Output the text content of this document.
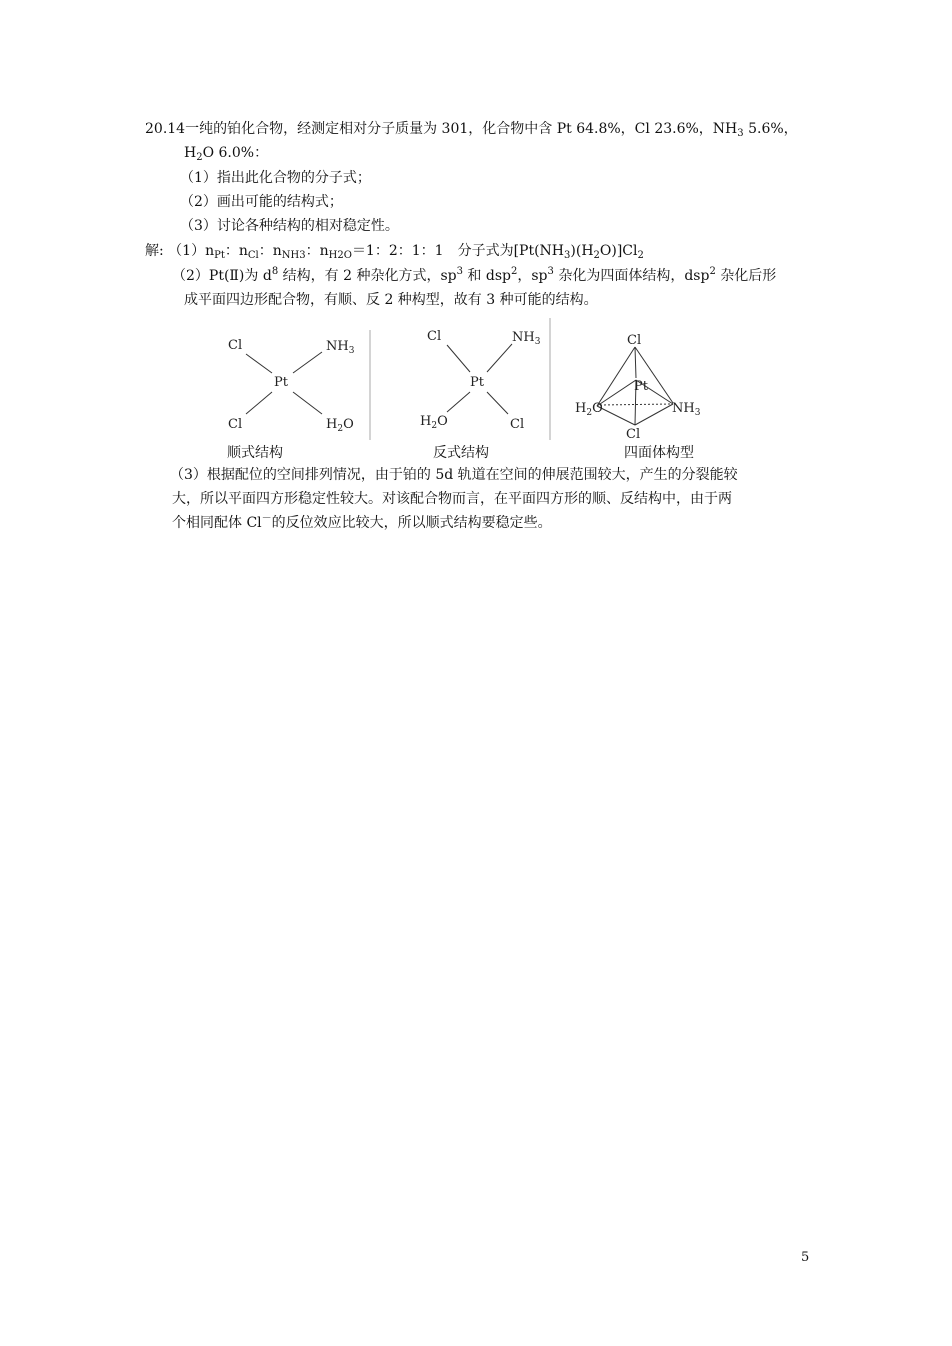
20.14一纯的铂化合物，经测定相对分子质量为 301，化合物中含 Pt 64.8%，Cl 23.6%，$NH_3$ 5.6%，
$H_2O$ 6.0%：
（1）指出此化合物的分子式；
（2）画出可能的结构式；
（3）讨论各种结构的相对稳定性。
解: $(1)n_{Pt}$：$n_{Cl}$：$n_{NH3}$：$n_{H2O}=1$：2：1：1 分子式为$[Pt(NH_3)(H_2O)]Cl_2$
（2）Pt(Ⅱ)为 $d^8$ 结构，有 2 种杂化方式，$sp^3$ 和 dsp$^2$，$sp^3$ 杂化为四面体结构，dsp$^2$ 杂化后形
成平面四边形配合物，有顺、反 2 种构型，故有 3 种可能的结构。
Cl	$NH_3$
Pt
Cl	$H_2O$
Cl	$NH_3$
Pt
$H_2O$	Cl
Cl
Pt
$H_2O$	$NH_3$
Cl
顺式结构	反式结构	四面体构型
（3）根据配位的空间排列情况，由于铂的 5d 轨道在空间的伸展范围较大，产生的分裂能较
大，所以平面四方形稳定性较大。对该配合物而言，在平面四方形的顺、反结构中，由于两
个相同配体 Cl－的反位效应比较大，所以顺式结构要稳定些。
5
